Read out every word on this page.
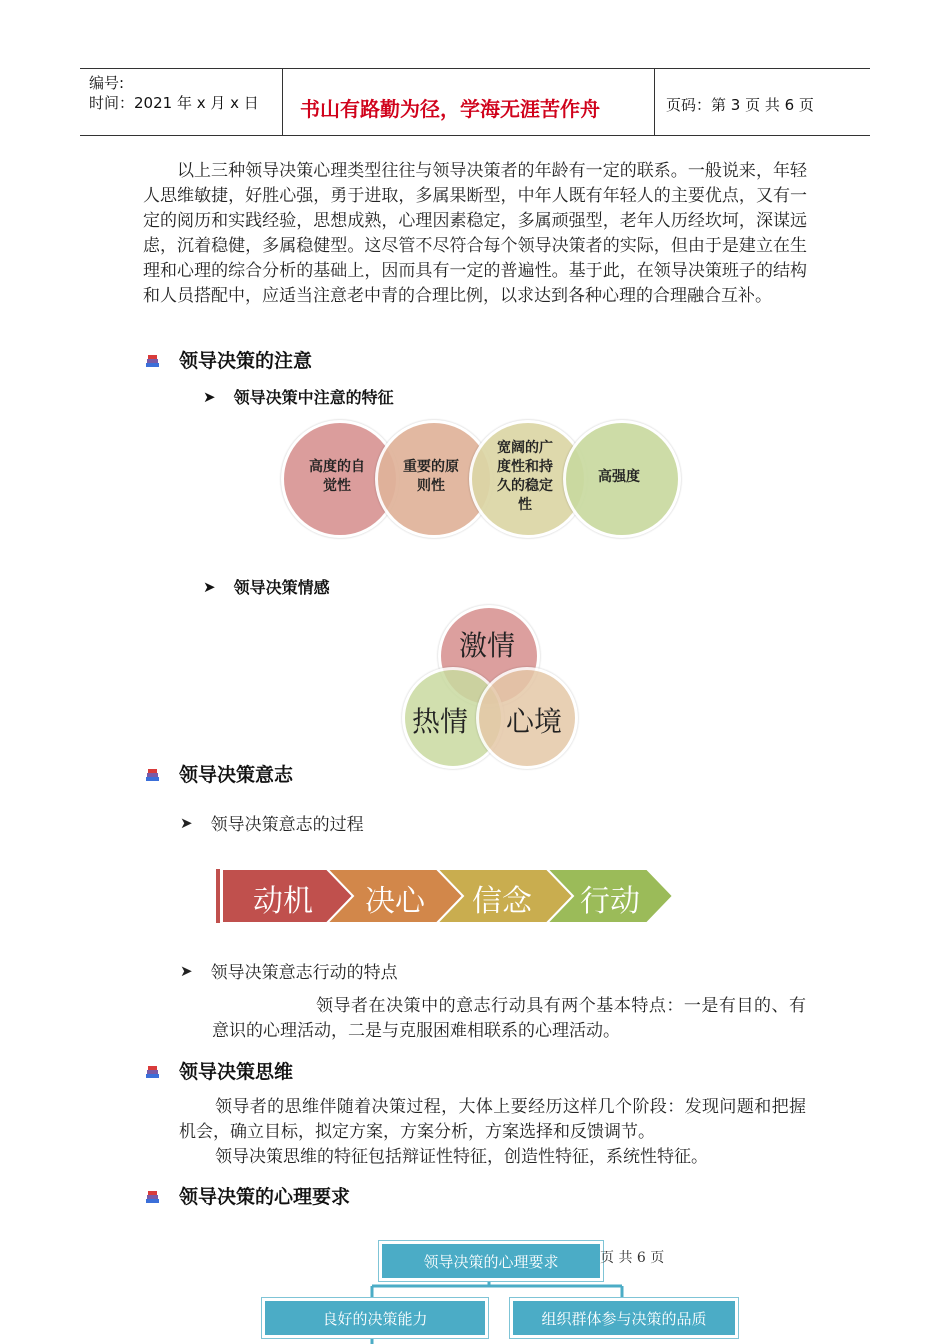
编号:
时间：2021 年 x 月 x 日 书山有路勤为径，学海无涯苦作舟	页码：第 3 页 共 6 页
以上三种领导决策心理类型往往与领导决策者的年龄有一定的联系。一般说来，年轻人思维敏捷，好胜心强，勇于进取，多属果断型，中年人既有年轻人的主要优点，又有一定的阅历和实践经验，思想成熟，心理因素稳定，多属顽强型，老年人历经坎坷，深谋远虑，沉着稳健，多属稳健型。这尽管不尽符合每个领导决策者的实际，但由于是建立在生理和心理的综合分析的基础上，因而具有一定的普遍性。基于此，在领导决策班子的结构和人员搭配中，应适当注意老中青的合理比例，以求达到各种心理的合理融合互补。
领导决策的注意
➤ 领导决策中注意的特征
高度的自
觉性
重要的原
则性
宽阔的广
度性和持
久的稳定
性
高强度
➤ 领导决策情感
激情
热情 心境
领导决策意志
➤ 领导决策意志的过程
动机 决心 信念 行动
➤ 领导决策意志行动的特点
领导者在决策中的意志行动具有两个基本特点：一是有目的、有意识的心理活动，二是与克服困难相联系的心理活动。
领导决策思维
领导者的思维伴随着决策过程，大体上要经历这样几个阶段：发现问题和把握机会，确立目标，拟定方案，方案分析，方案选择和反馈调节。
领导决策思维的特征包括辩证性特征，创造性特征，系统性特征。
领导决策的心理要求
领导决策的心理要求	页 共 6 页
良好的决策能力	组织群体参与决策的品质
